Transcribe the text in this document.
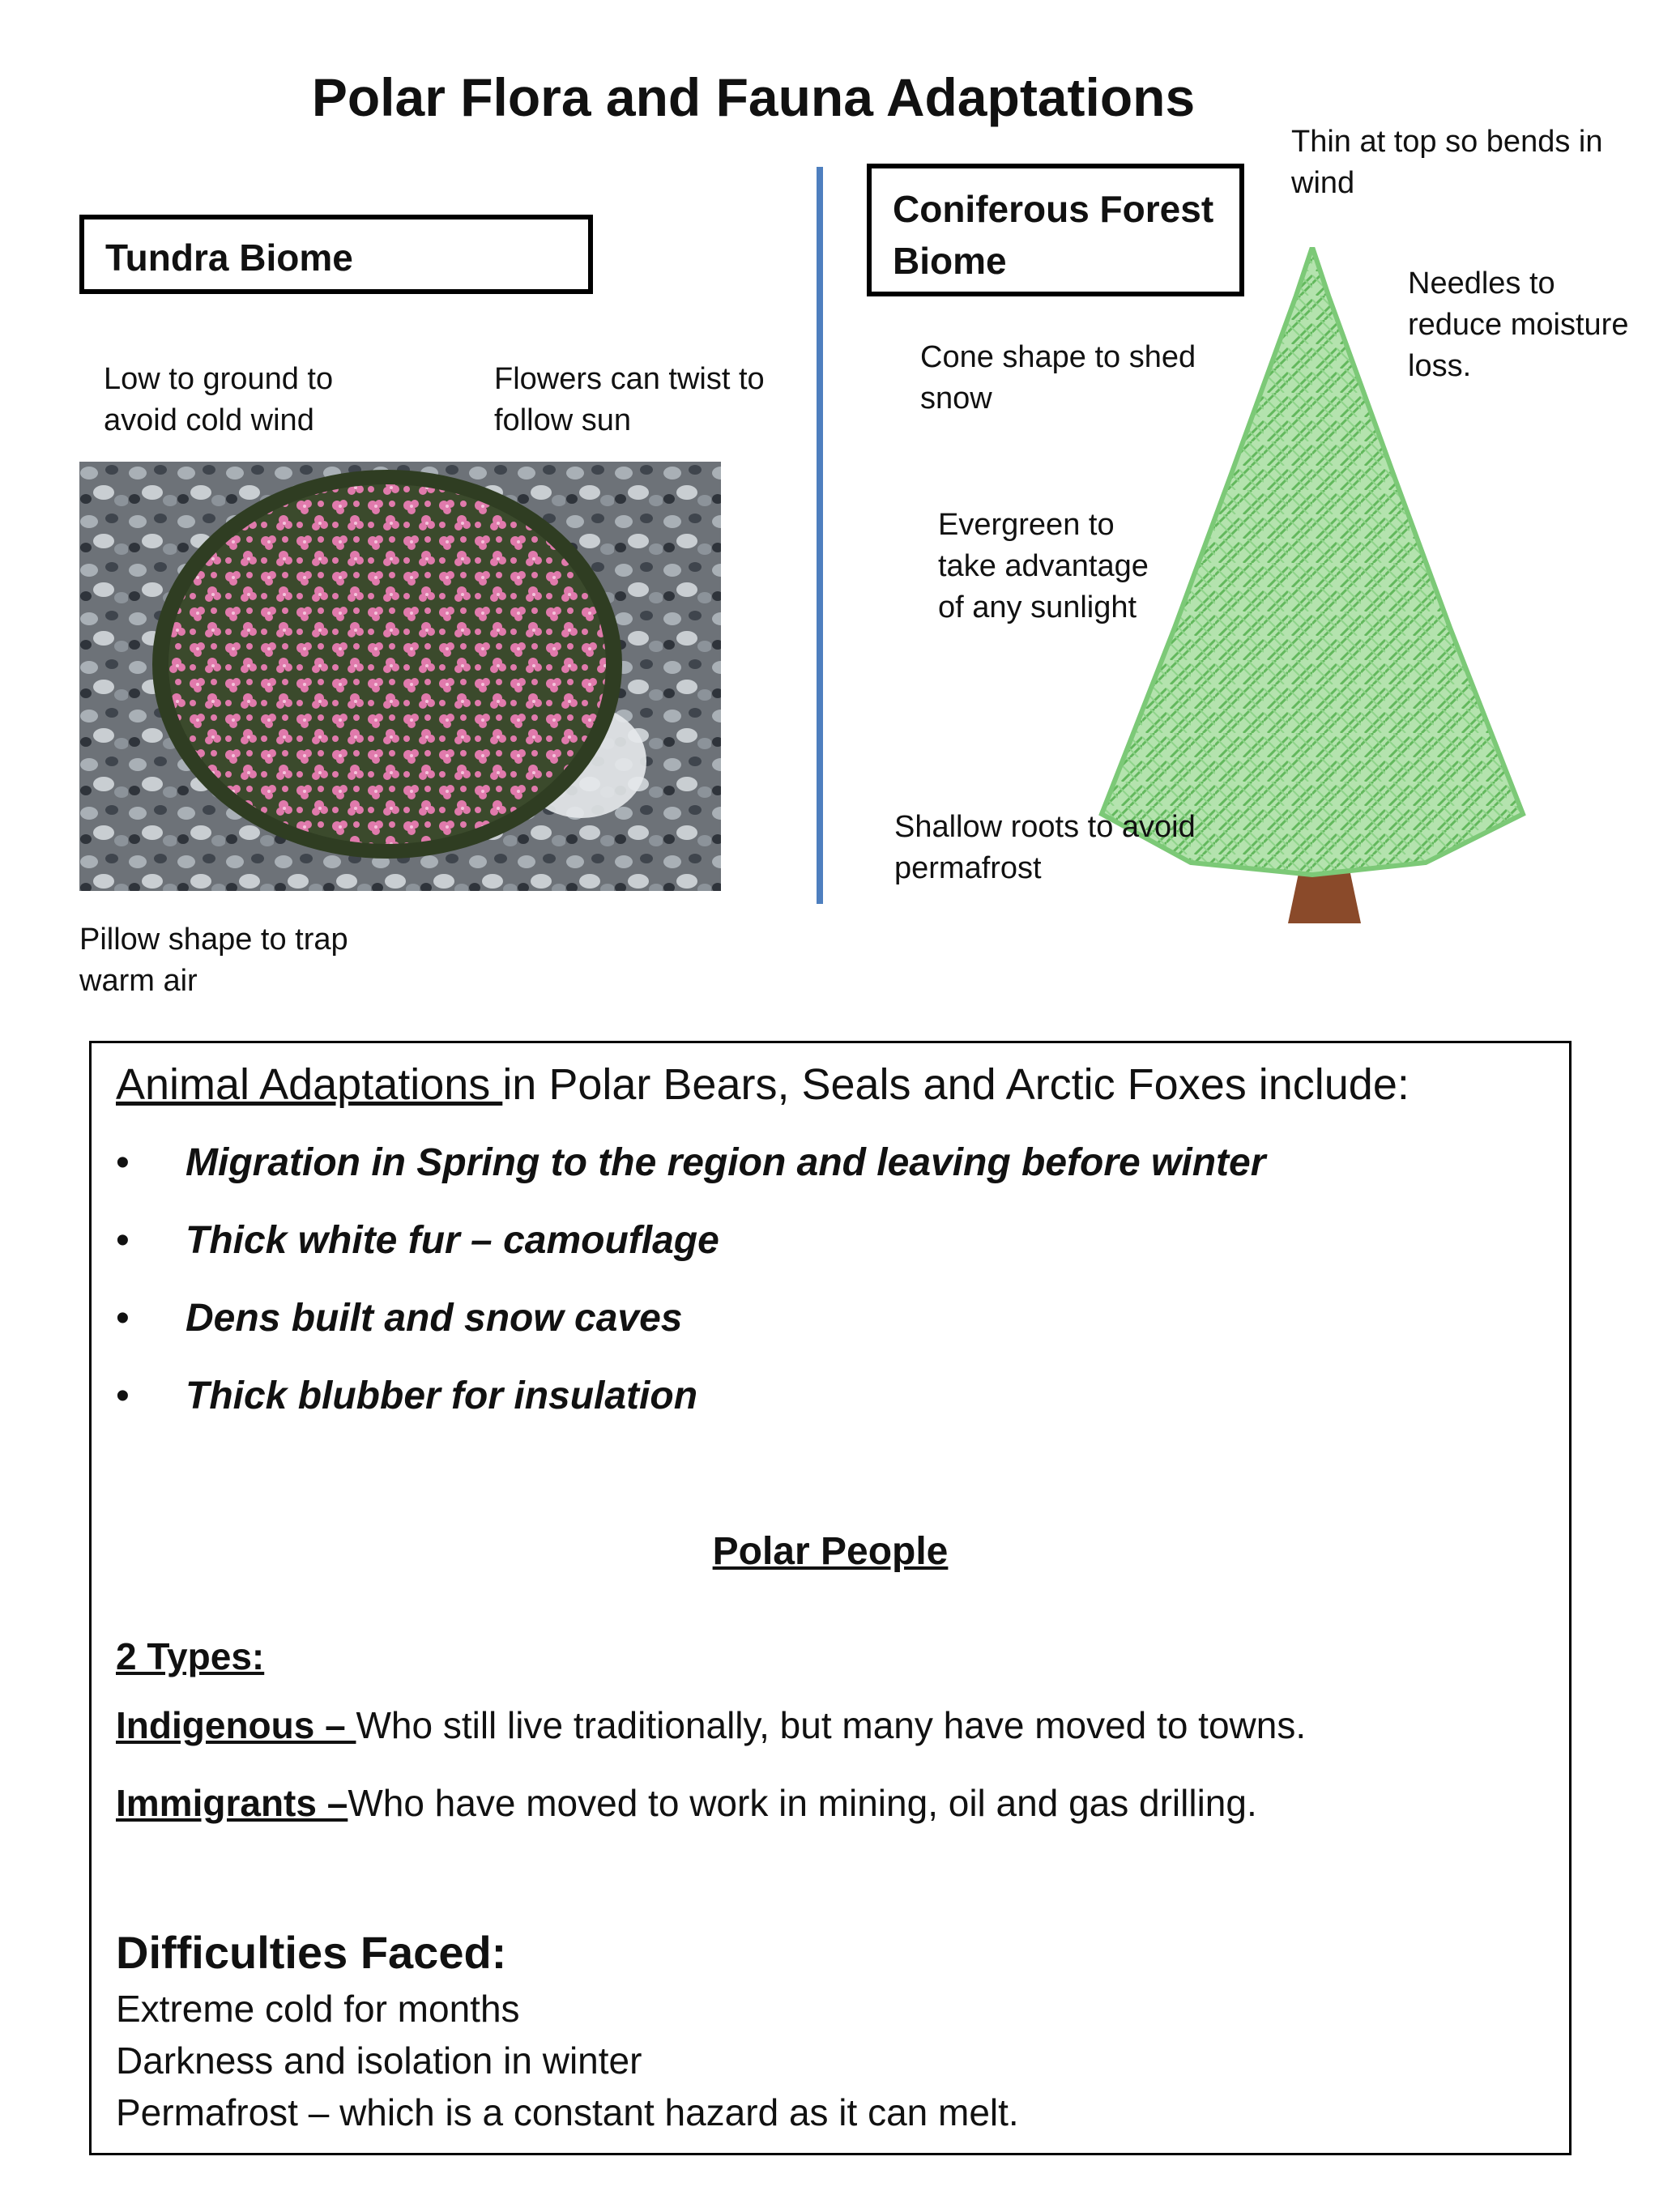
Polar Flora and Fauna Adaptations
Tundra Biome
Low to ground to
avoid cold wind
Flowers can twist to
follow sun
Pillow shape to trap
warm air
Coniferous Forest
Biome
Thin at top so bends in
wind
Needles to
reduce moisture
loss.
Cone shape to shed
snow
Evergreen to
take advantage
of any sunlight
Shallow roots to avoid
permafrost
Animal Adaptations in Polar Bears, Seals and Arctic Foxes include:
• Migration in Spring to the region and leaving before winter
• Thick white fur – camouflage
• Dens built and snow caves
• Thick blubber for insulation
Polar People
2 Types:
Indigenous – Who still live traditionally, but many have moved to towns.
Immigrants –Who have moved to work in mining, oil and gas drilling.
Difficulties Faced:
Extreme cold for months
Darkness and isolation in winter
Permafrost – which is a constant hazard as it can melt.
